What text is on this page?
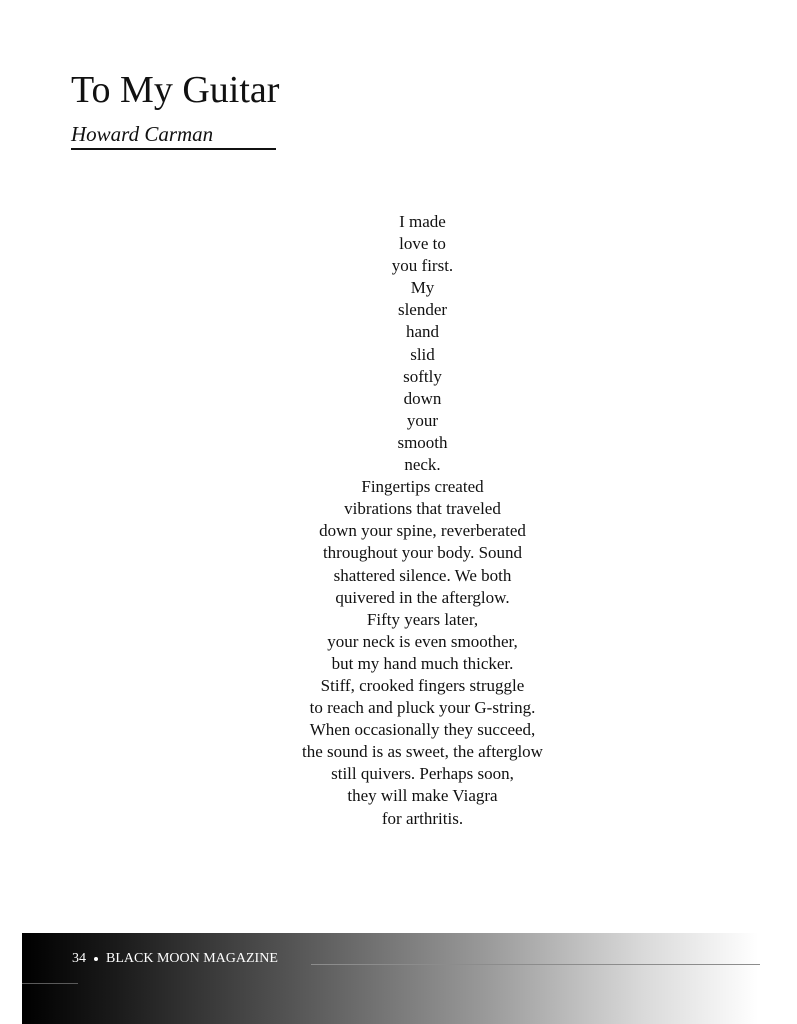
To My Guitar
Howard Carman
I made
love to
you first.
My
slender
hand
slid
softly
down
your
smooth
neck.
Fingertips created
vibrations that traveled
down your spine, reverberated
throughout your body. Sound
shattered silence. We both
quivered in the afterglow.
Fifty years later,
your neck is even smoother,
but my hand much thicker.
Stiff, crooked fingers struggle
to reach and pluck your G-string.
When occasionally they succeed,
the sound is as sweet, the afterglow
still quivers. Perhaps soon,
they will make Viagra
for arthritis.
34 BLACK MOON MAGAZINE
